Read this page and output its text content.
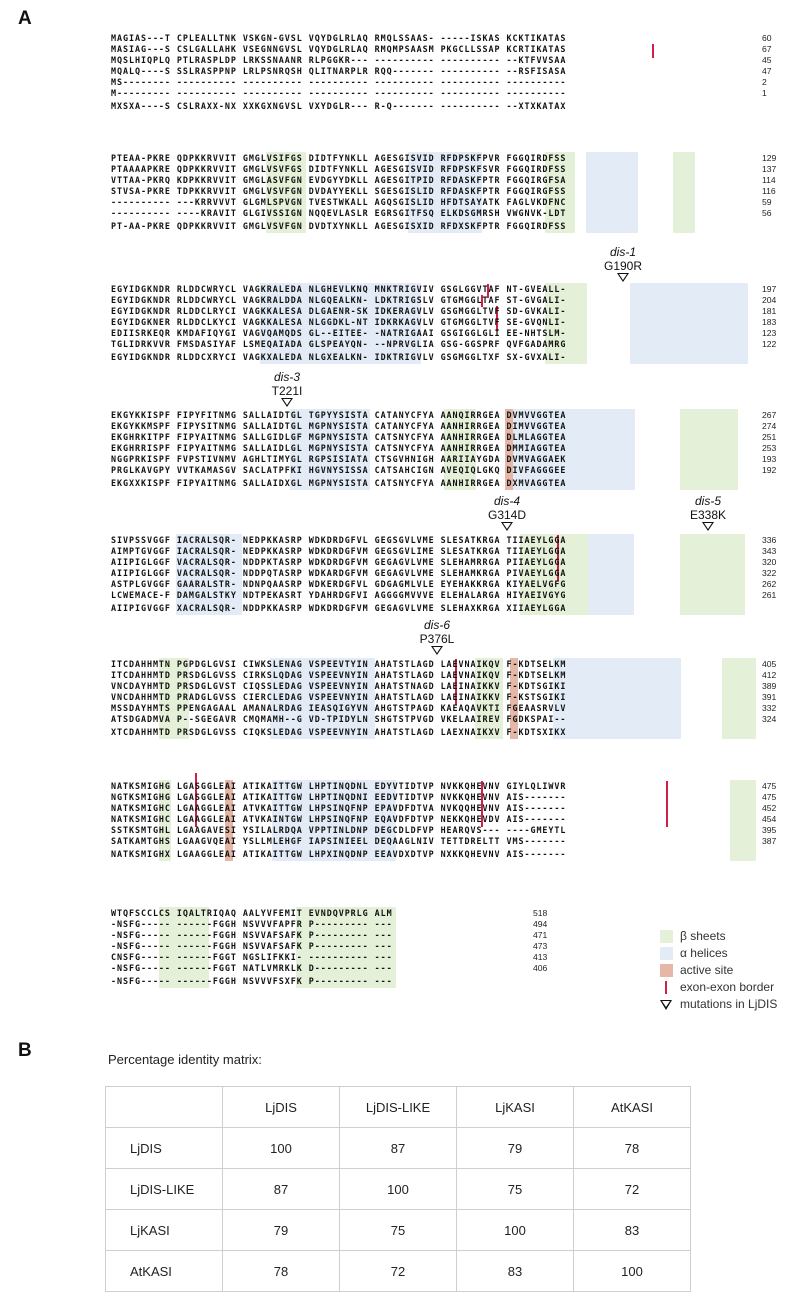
A
MAGIAS---T CPLEALLTNK VSKGN-GVSL VQYDGLRLAQ RMQLSSAAS- -----ISKAS KCKTIKATAS	60
MASIAG---S CSLGALLAHK VSEGNNGVSL VQYDGLRLAQ RMQMPSAASM PKGCLLSSAP KCRTIKATAS	67
MQSLHIQPLQ PTLRASPLDP LRKSSNAANR RLPGGKR--- ---------- ---------- --KTFVVSAA	45
MQALQ----S SSLRASPPNP LRLPSNRQSH QLITNARPLR RQQ------- ---------- --RSFISASA	47
MS-------- ---------- ---------- ---------- ---------- ---------- ----------	2
M--------- ---------- ---------- ---------- ---------- ---------- ----------	1
MXSXA----S CSLRAXX-NX XXKGXNGVSL VXYDGLR--- R-Q------- ---------- --XTXKATAX
PTEAA-PKRE QDPKKRVVIT GMGLVSIFGS DIDTFYNKLL AGESGISVID RFDPSKFPVR FGGQIRDFSS	129
PTAAAAPKRE QDPKKRVVIT GMGLVSVFGS DIDTFYNKLL AGESGISVID RFDPSKFSVR FGGQIRDFSS	137
VTTAA-PKRQ KDPKKRVVIT GMGLASVFGN EVDGYYDKLL AGESGITPID RFDASKFPTR FGGQIRGFSA	114
STVSA-PKRE TDPKKRVVIT GMGLVSVFGN DVDAYYEKLL SGESGISLID RFDASKFPTR FGGQIRGFSS	116
---------- ---KRRVVVT GLGMLSPVGN TVESTWKALL AGQSGISLID HFDTSAYATK FAGLVKDFNC	59
---------- ----KRAVIT GLGIVSSIGN NQQEVLASLR EGRSGITFSQ ELKDSGMRSH VWGNVK-LDT	56
PT-AA-PKRE QDPKKRVVIT GMGLVSVFGN DVDTXYNKLL AGESGISXID RFDXSKFPTR FGGQIRDFSS
dis-1
G190R
EGYIDGKNDR RLDDCWRYCL VAGKRALEDA NLGHEVLKNQ MNKTRIGVIV GSGLGGVTAF NT-GVEALL-	197
EGYIDGKNDR RLDDCWRYCL VAGKRALDDA NLGQEALKN- LDKTRIGSLV GTGMGGLTAF ST-GVGALI-	204
EGYIDGKNDR RLDDCLRYCI VAGKKALESA DLGAENR-SK IDKERAGVLV GSGMGGLTVF SD-GVKALI-	181
EGYIDGKNER RLDDCLKYCI VAGKKALESA NLGGDKL-NT IDKRKAGVLV GTGMGGLTVF SE-GVQNLI-	183
EDIISRKEQR KMDAFIQYGI VAGVQAMQDS GL--EITEE- -NATRIGAAI GSGIGGLGLI EE-NHTSLM-	123
TGLIDRKVVR FMSDASIYAF LSMEQAIADA GLSPEAYQN- --NPRVGLIA GSG-GGSPRF QVFGADAMRG	122
EGYIDGKNDR RLDDCXRYCI VAGKXALEDA NLGXEALKN- IDKTRIGVLV GSGMGGLTXF SX-GVXALI-
dis-3
T221I
EKGYKKISPF FIPYFITNMG SALLAIDTGL TGPYYSISTA CATANYCFYA AANQIRRGEA DVMVVGGTEA	267
EKGYKKMSPF FIPYSITNMG SALLAIDTGL MGPNYSISTA CATANYCFYA AANHIRRGEA DIMVVGGTEA	274
EKGHRKITPF FIPYAITNMG SALLGIDLGF MGPNYSISTA CATSNYCFYA AANHIRRGEA DLMLAGGTEA	251
EKGHRRISPF FIPYAITNMG SALLAIDLGL MGPNYSISTA CATSNYCFYA AANHIRRGEA DMMIAGGTEA	253
NGGPRKISPF FVPSTIVNMV AGHLTIMYGL RGPSISIATA CTSGVHNIGH AARIIAYGDA DVMVAGGAEK	193
PRGLKAVGPY VVTKAMASGV SACLATPFKI HGVNYSISSA CATSAHCIGN AVEQIQLGKQ DIVFAGGGEE	192
EKGXXKISPF FIPYAITNMG SALLAIDXGL MGPNYSISTA CATSNYCFYA AANHIRRGEA DXMVAGGTEA
dis-4
G314D
dis-5
E338K
SIVPSSVGGF IACRALSQR- NEDPKKASRP WDKDRDGFVL GEGSGVLVME SLESATKRGA TIIAEYLGGA	336
AIMPTGVGGF IACRALSQR- NEDPKKASRP WDKDRDGFVM GEGSGVLIME SLESATKRGA TIIAEYLGGA	343
AIIPIGLGGF VACRALSQR- NDDPKTASRP WDKDRDGFVM GEGAGVLVME SLEHAMRRGA PIIAEYLGGA	320
AIIPIGLGGF VACRALSQR- NDDPQTASRP WDKARDGFVM GEGAGVLVME SLEHAMKRGA PIVAEYLGGA	322
ASTPLGVGGF GAARALSTR- NDNPQAASRP WDKERDGFVL GDGAGMLVLE EYEHAKKRGA KIYAELVGFG	262
LCWEMACE-F DAMGALSTKY NDTPEKASRT YDAHRDGFVI AGGGGMVVVE ELEHALARGA HIYAEIVGYG	261
AIIPIGVGGF XACRALSQR- NDDPKKASRP WDKDRDGFVM GEGAGVLVME SLEHAXKRGA XIIAEYLGGA
dis-6
P376L
ITCDAHHMTN PGPDGLGVSI CIWKSLENAG VSPEEVTYIN AHATSTLAGD LAEVNAIKQV F-KDTSELKM	405
ITCDAHHMTD PRSDGLGVSS CIRKSLQDAG VSPEEVNYIN AHATSTLAGD LAEVNAIKQV F-KDTSELKM	412
VNCDAYHMTD PRSDGLGVST CIQSSLEDAG VSPEEVNYIN AHATSTNAGD LAEINAIKKV F-KDTSGIKI	389
VNCDAHHMTD PRADGLGVSS CIERCLEDAG VSPEEVNYIN AHATSTLAGD LAEINAIKKV F-KSTSGIKI	391
MSSDAYHMTS PPENGAGAAL AMANALRDAG IEASQIGYVN AHGTSTPAGD KAEAQAVKTI FGEAASRVLV	332
ATSDGADMVA P--SGEGAVR CMQMAMH--G VD-TPIDYLN SHGTSTPVGD VKELAAIREV FGDKSPAI--	324
XTCDAHHMTD PRSDGLGVSS CIQKSLEDAG VSPEEVNYIN AHATSTLAGD LAEXNAIKXV F-KDTSXIKX
NATKSMIGHG LGASGGLEAI ATIKAITTGW LHPTINQDNL EDYVTIDTVP NVKKQHEVNV GIYLQLIWVR	475
NGTKSMIGHG LGASGGLEAI ATIKAITTGW LHPTINQDNI EEDVTIDTVP NVKKQHEVNV AIS-------	475
NATKSMIGHC LGAAGGLEAI ATVKAITTGW LHPSINQFNP EPAVDFDTVA NVKQQHEVNV AIS-------	452
NATKSMIGHC LGAAGGLEAI ATVKAINTGW LHPSINQFNP EQAVDFDTVP NEKKQHEVDV AIS-------	454
SSTKSMTGHL LGAAGAVESI YSILALRDQA VPPTINLDNP DEGCDLDFVP HEARQVS--- ----GMEYTL	395
SATKAMTGHS LGAAGVQEAI YSLLMLEHGF IAPSINIEEL DEQAAGLNIV TETTDRELTT VMS-------	387
NATKSMIGHX LGAAGGLEAI ATIKAITTGW LHPXINQDNP EEAVDXDTVP NXKKQHEVNV AIS-------
WTQFSCCLCS IQALTRIQAQ AALYVFEMIT EVNDQVPRLG ALM	518
-NSFG----- ------FGGH NSVVVFAPFR P--------- ---	494
-NSFG----- ------FGGH NSVVAFSAFK P--------- ---	471
-NSFG----- ------FGGH NSVVAFSAFK P--------- ---	473
CNSFG----- ------FGGT NGSLIFKKI- ---------- ---	413
-NSFG----- ------FGGT NATLVMRKLK D--------- ---	406
-NSFG----- ------FGGH NSVVVFSXFK P--------- ---
β sheets
α helices
active site
exon-exon border
mutations in LjDIS
B	Percentage identity matrix:
	LjDIS	LjDIS-LIKE	LjKASI	AtKASI
LjDIS	100	87	79	78
LjDIS-LIKE	87	100	75	72
LjKASI	79	75	100	83
AtKASI	78	72	83	100
